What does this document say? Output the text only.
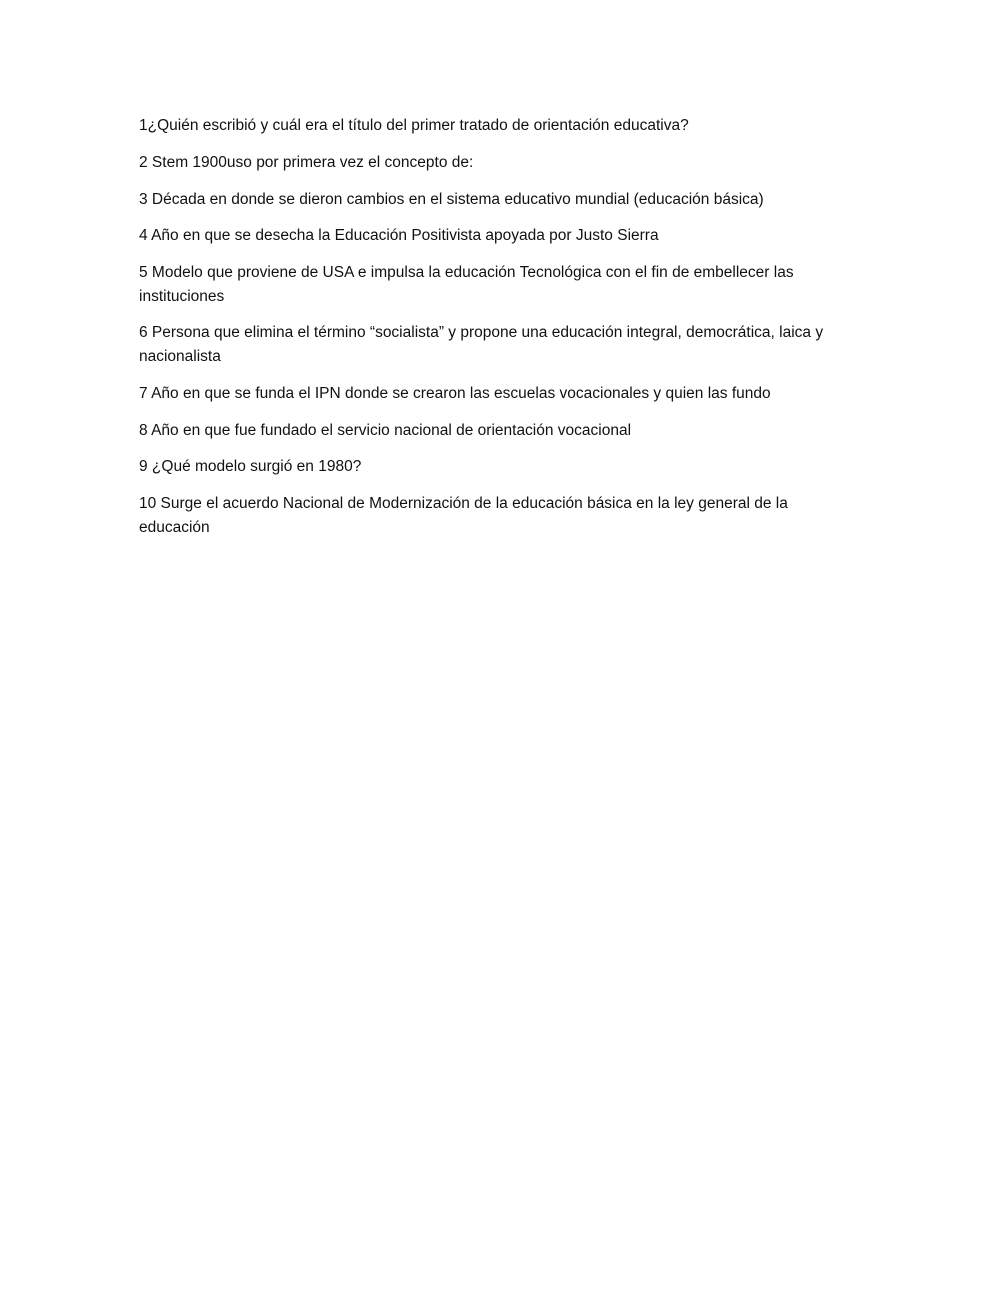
1¿Quién escribió y cuál era el título del primer tratado de orientación educativa?
2 Stem 1900uso por primera vez el concepto de:
3 Década en donde se dieron cambios en el sistema educativo mundial (educación básica)
4 Año en que se desecha la Educación Positivista apoyada por Justo Sierra
5 Modelo que proviene de USA e impulsa la educación Tecnológica con el fin de embellecer las instituciones
6 Persona que elimina el término “socialista” y propone una educación integral, democrática, laica y nacionalista
7 Año en que se funda el IPN donde se crearon las escuelas vocacionales y quien las fundo
8 Año en que fue fundado el servicio nacional de orientación vocacional
9 ¿Qué modelo surgió en 1980?
10 Surge el acuerdo Nacional de Modernización de la educación básica en la ley general de la educación
